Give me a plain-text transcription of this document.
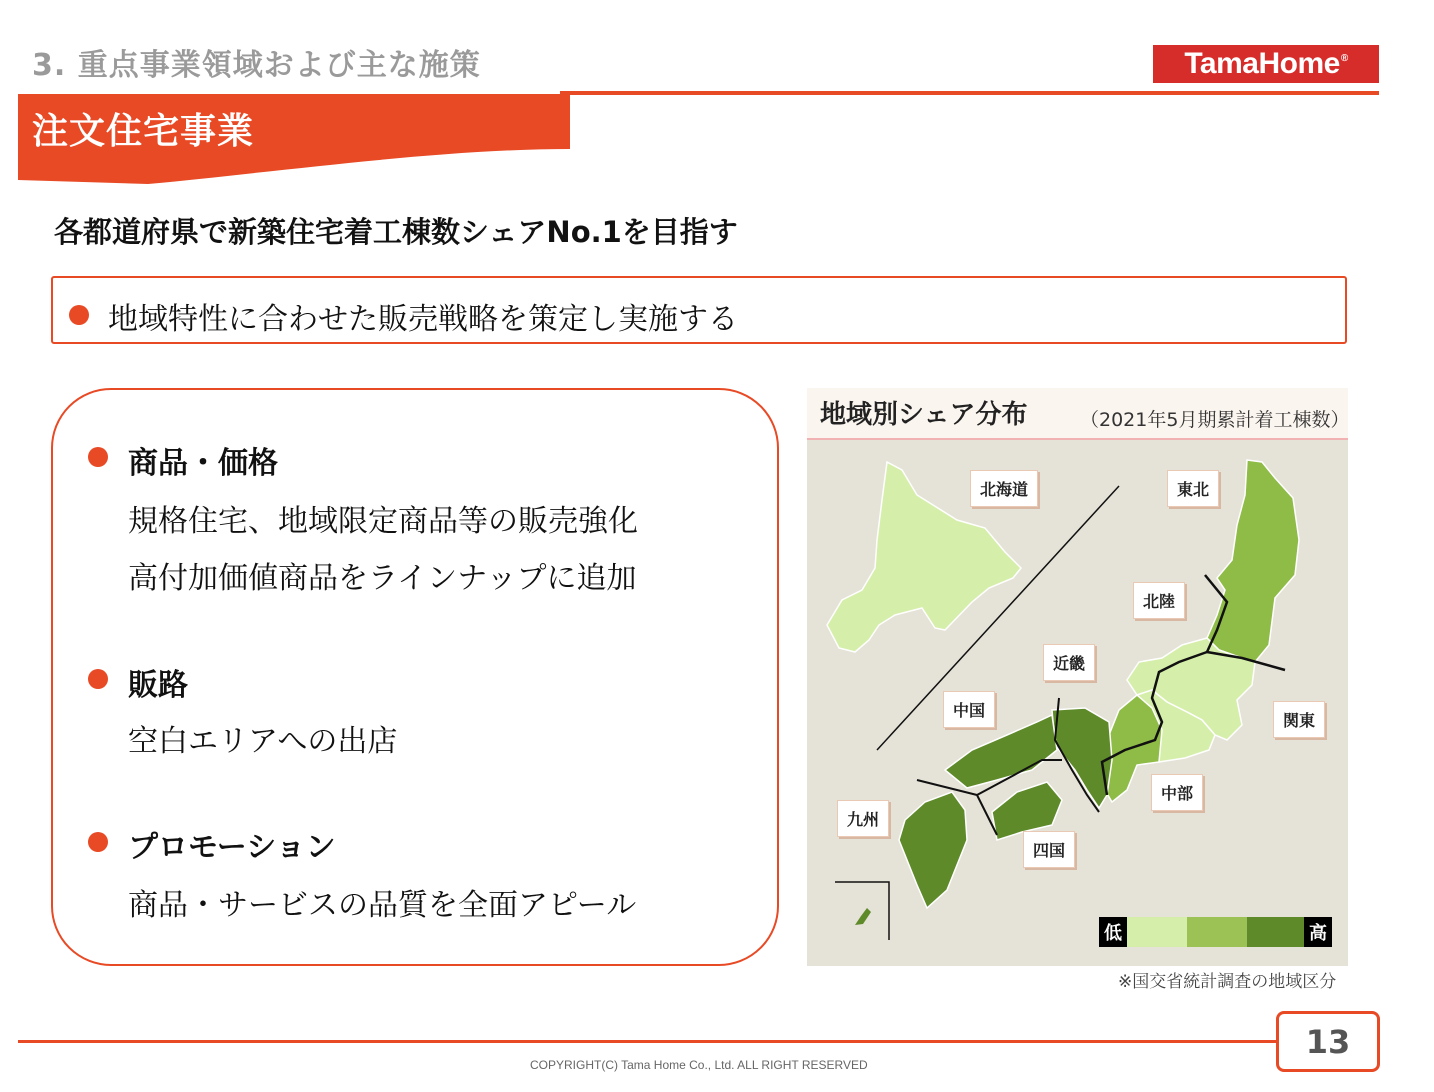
3. 重点事業領域および主な施策	TamaHome®
注文住宅事業
各都道府県で新築住宅着工棟数シェアNo.1を目指す
地域特性に合わせた販売戦略を策定し実施する
商品・価格
規格住宅、地域限定商品等の販売強化
高付加価値商品をラインナップに追加
販路
空白エリアへの出店
プロモーション
商品・サービスの品質を全面アピール
地域別シェア分布	（2021年5月期累計着工棟数）
北海道	東北
北陸
近畿
中国
関東
中部
九州
四国
低	高
※国交省統計調査の地域区分
13
COPYRIGHT(C) Tama Home Co., Ltd. ALL RIGHT RESERVED
